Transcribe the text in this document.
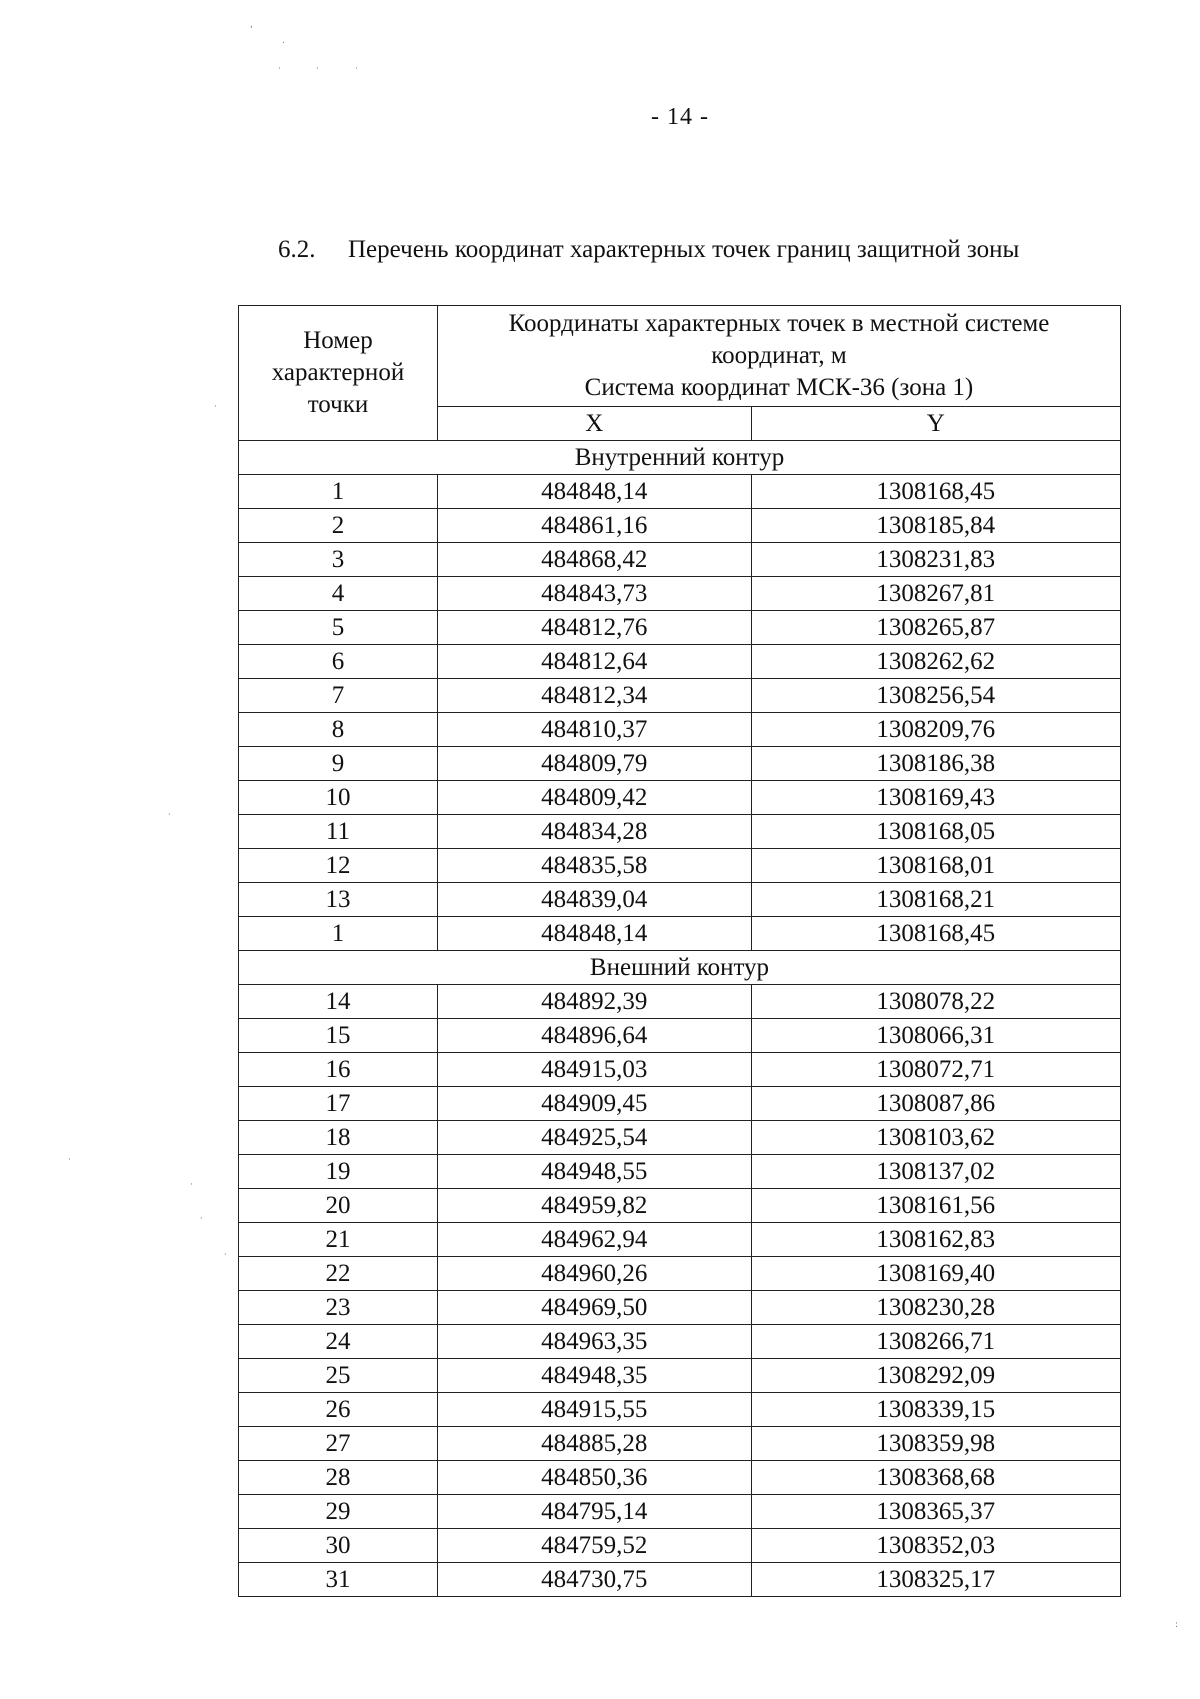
- 14 -
6.2. Перечень координат характерных точек границ защитной зоны
Номер характерной точки	Координаты характерных точек в местной системе координат, м
Система координат МСК-36 (зона 1)	
	X	Y
Внутренний контур		
1	484848,14	1308168,45
2	484861,16	1308185,84
3	484868,42	1308231,83
4	484843,73	1308267,81
5	484812,76	1308265,87
6	484812,64	1308262,62
7	484812,34	1308256,54
8	484810,37	1308209,76
9	484809,79	1308186,38
10	484809,42	1308169,43
11	484834,28	1308168,05
12	484835,58	1308168,01
13	484839,04	1308168,21
1	484848,14	1308168,45
Внешний контур		
14	484892,39	1308078,22
15	484896,64	1308066,31
16	484915,03	1308072,71
17	484909,45	1308087,86
18	484925,54	1308103,62
19	484948,55	1308137,02
20	484959,82	1308161,56
21	484962,94	1308162,83
22	484960,26	1308169,40
23	484969,50	1308230,28
24	484963,35	1308266,71
25	484948,35	1308292,09
26	484915,55	1308339,15
27	484885,28	1308359,98
28	484850,36	1308368,68
29	484795,14	1308365,37
30	484759,52	1308352,03
31	484730,75	1308325,17
,
.
·	·	·
·
·
·
·
·
·
:
